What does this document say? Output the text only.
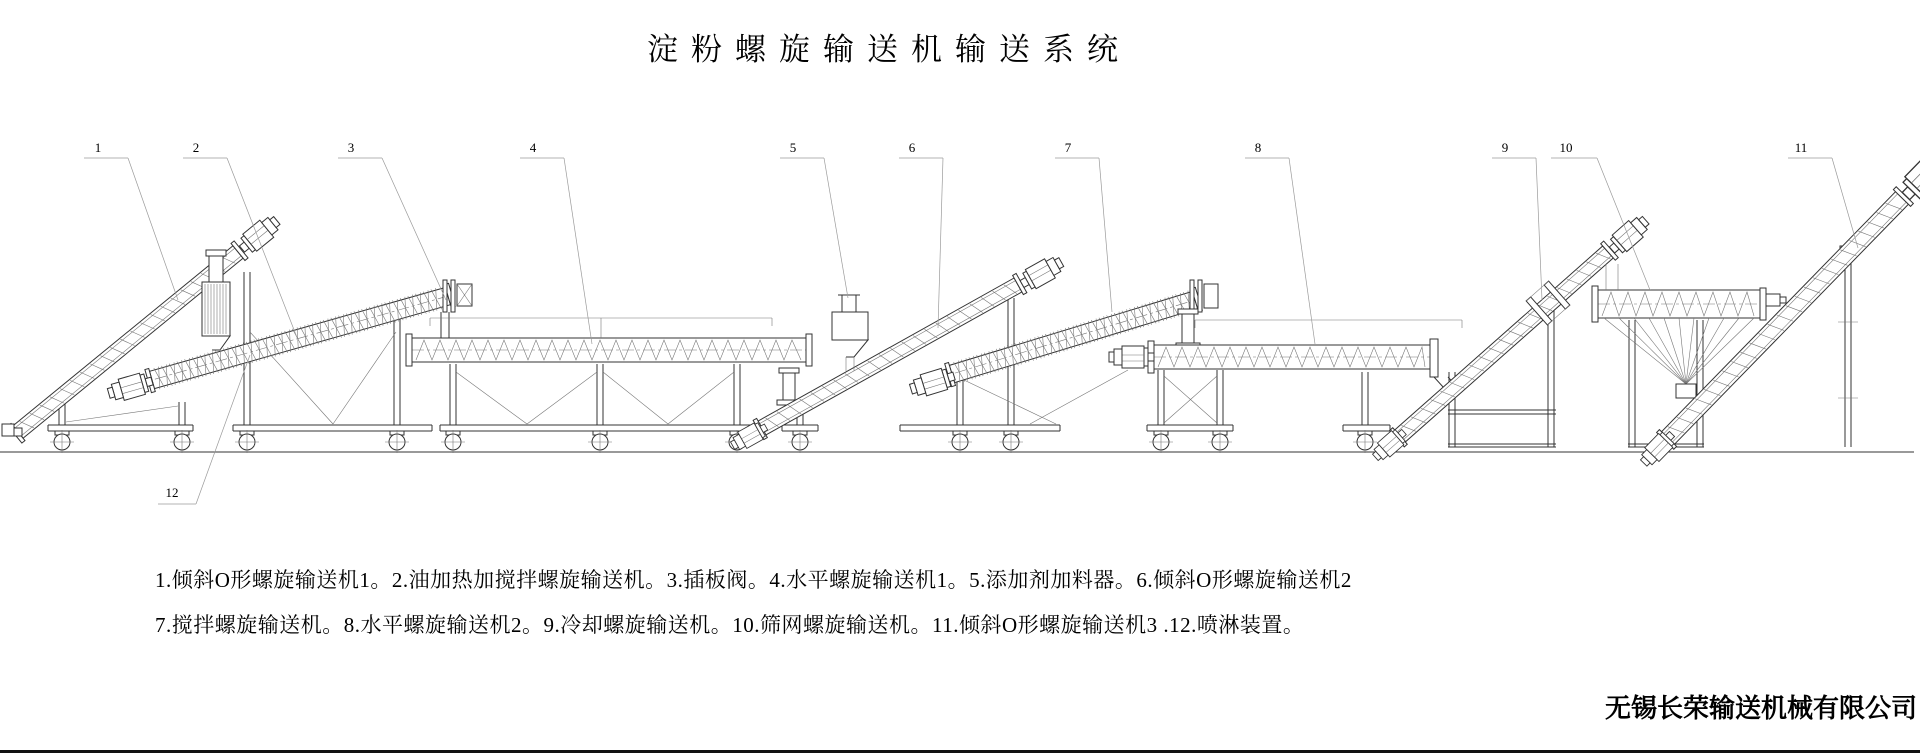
淀粉螺旋输送机输送系统
1	2	3	4	5	6	7	8	9	10	11
12
1.倾斜O形螺旋输送机1。2.油加热加搅拌螺旋输送机。3.插板阀。4.水平螺旋输送机1。5.添加剂加料器。6.倾斜O形螺旋输送机2
7.搅拌螺旋输送机。8.水平螺旋输送机2。9.冷却螺旋输送机。10.筛网螺旋输送机。11.倾斜O形螺旋输送机3 .12.喷淋装置。
无锡长荣输送机械有限公司
